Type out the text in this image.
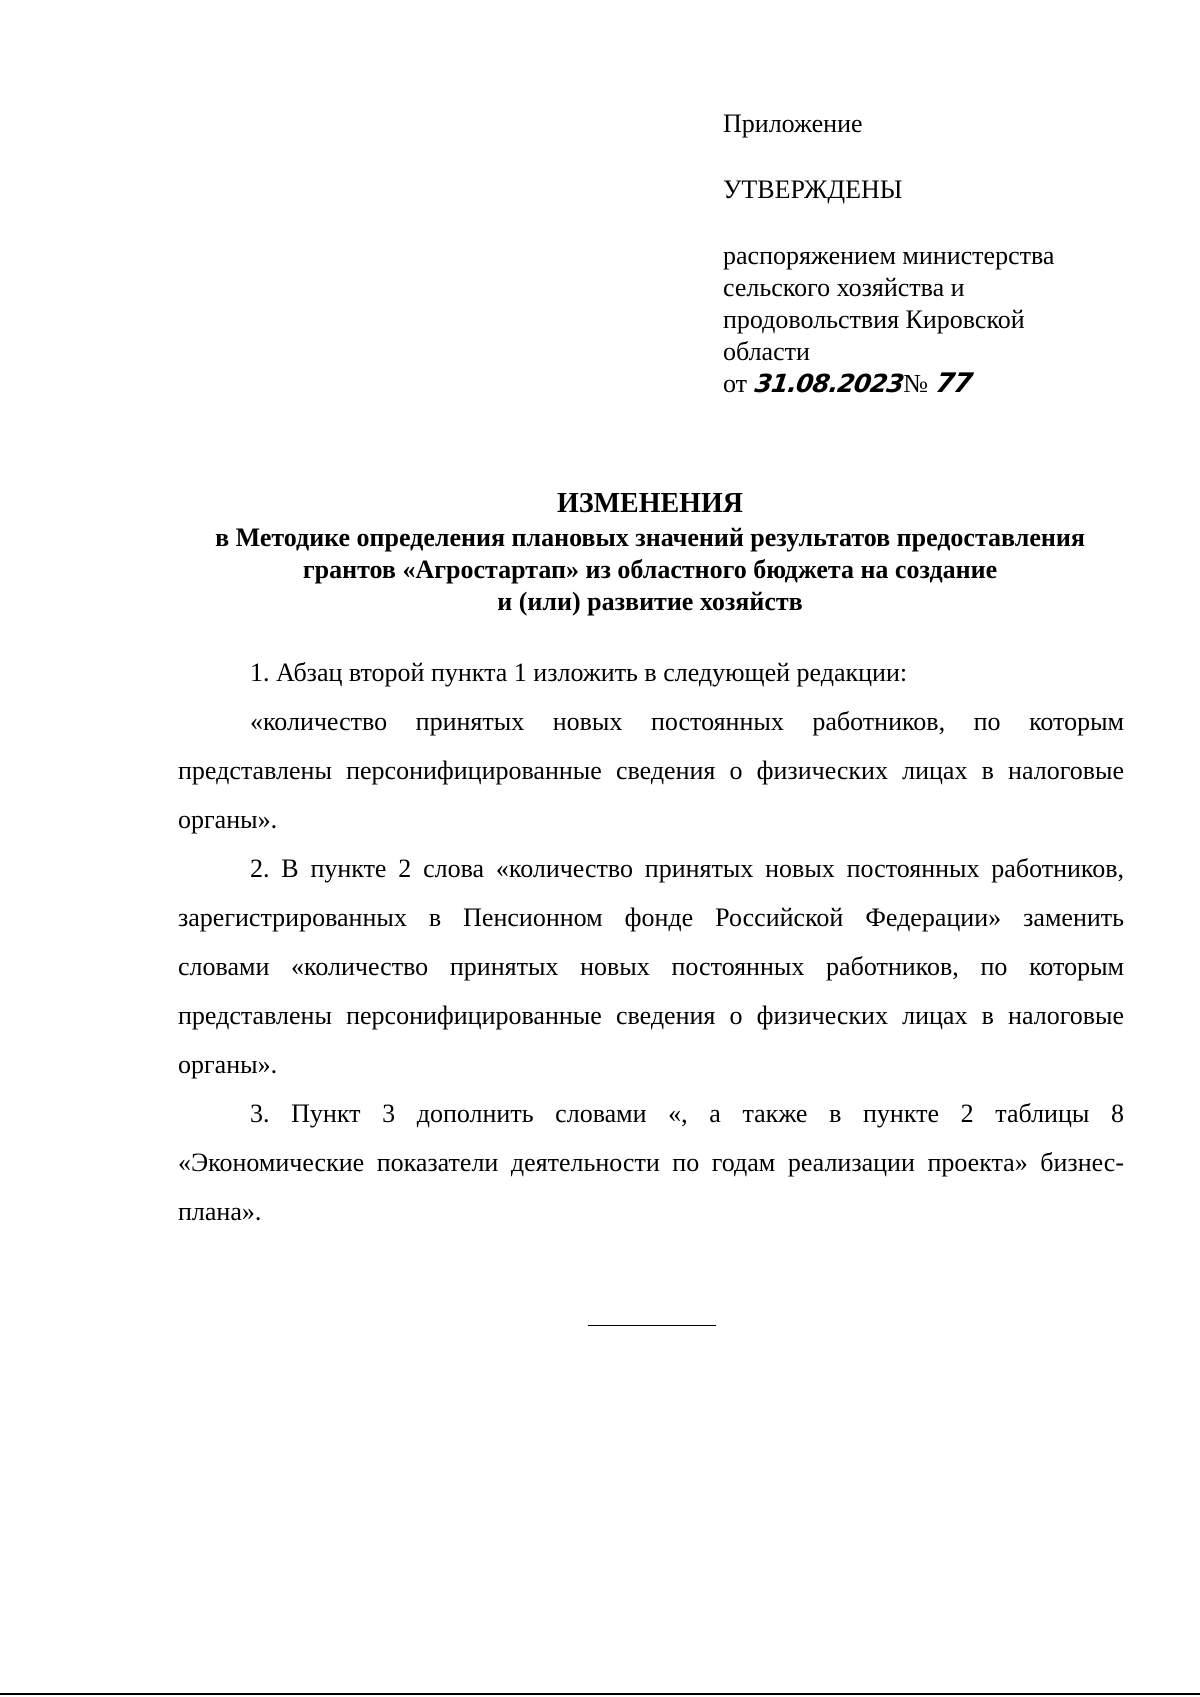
Приложение
УТВЕРЖДЕНЫ
распоряжением министерства
сельского хозяйства и
продовольствия Кировской
области
от 31.08.2023
№ 77
ИЗМЕНЕНИЯ
в Методике определения плановых значений результатов предоставления
грантов «Агростартап» из областного бюджета на создание
и (или) развитие хозяйств

1. Абзац второй пункта 1 изложить в следующей редакции:

«количество принятых новых постоянных работников, по которым представлены персонифицированные сведения о физических лицах в налоговые органы».

2. В пункте 2 слова «количество принятых новых постоянных работников, зарегистрированных в Пенсионном фонде Российской Федерации» заменить словами «количество принятых новых постоянных работников, по которым представлены персонифицированные сведения о физических лицах в налоговые органы».

3. Пункт 3 дополнить словами «, а также в пункте 2 таблицы 8 «Экономические показатели деятельности по годам реализации проекта» бизнес-плана».
